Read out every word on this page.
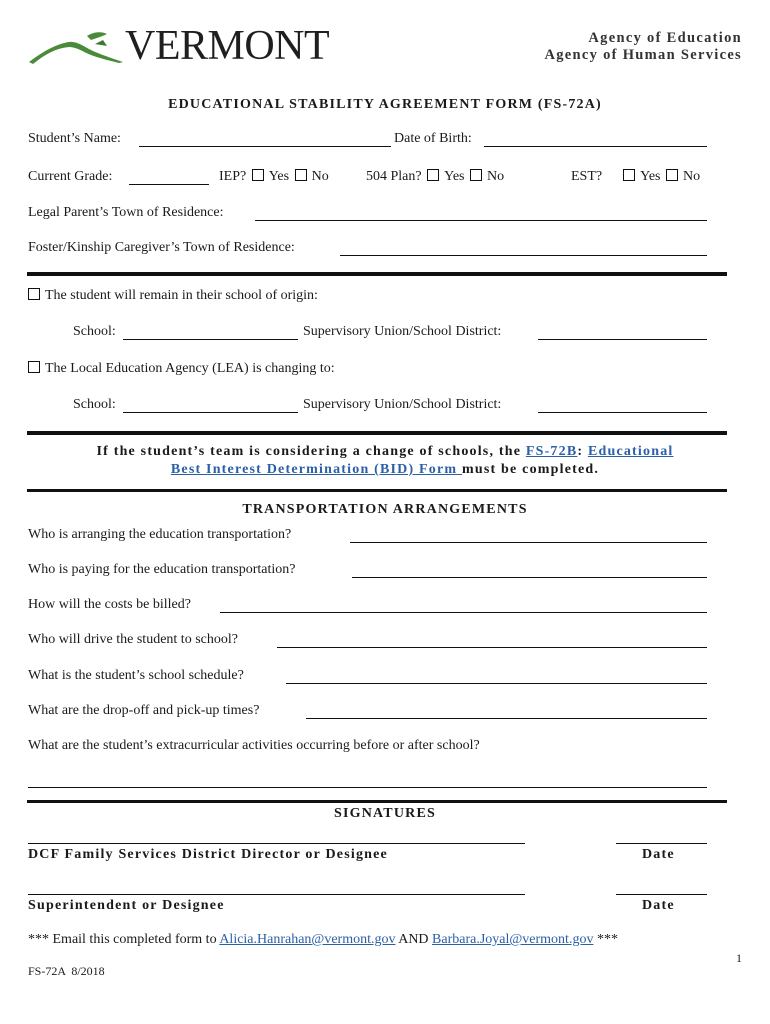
VERMONT	Agency of Education
Agency of Human Services
EDUCATIONAL STABILITY AGREEMENT FORM (FS-72A)
Student’s Name:	Date of Birth:
Current Grade:	IEP? Yes No	504 Plan? Yes No	EST?	Yes No
Legal Parent’s Town of Residence:
Foster/Kinship Caregiver’s Town of Residence:
The student will remain in their school of origin:
School:	Supervisory Union/School District:
The Local Education Agency (LEA) is changing to:
School:	Supervisory Union/School District:
If the student’s team is considering a change of schools, the FS-72B: Educational
Best Interest Determination (BID) Form must be completed.
TRANSPORTATION ARRANGEMENTS
Who is arranging the education transportation?
Who is paying for the education transportation?
How will the costs be billed?
Who will drive the student to school?
What is the student’s school schedule?
What are the drop-off and pick-up times?
What are the student’s extracurricular activities occurring before or after school?
SIGNATURES
DCF Family Services District Director or Designee	Date
Superintendent or Designee	Date
*** Email this completed form to Alicia.Hanrahan@vermont.gov AND Barbara.Joyal@vermont.gov ***
1
FS-72A  8/2018
